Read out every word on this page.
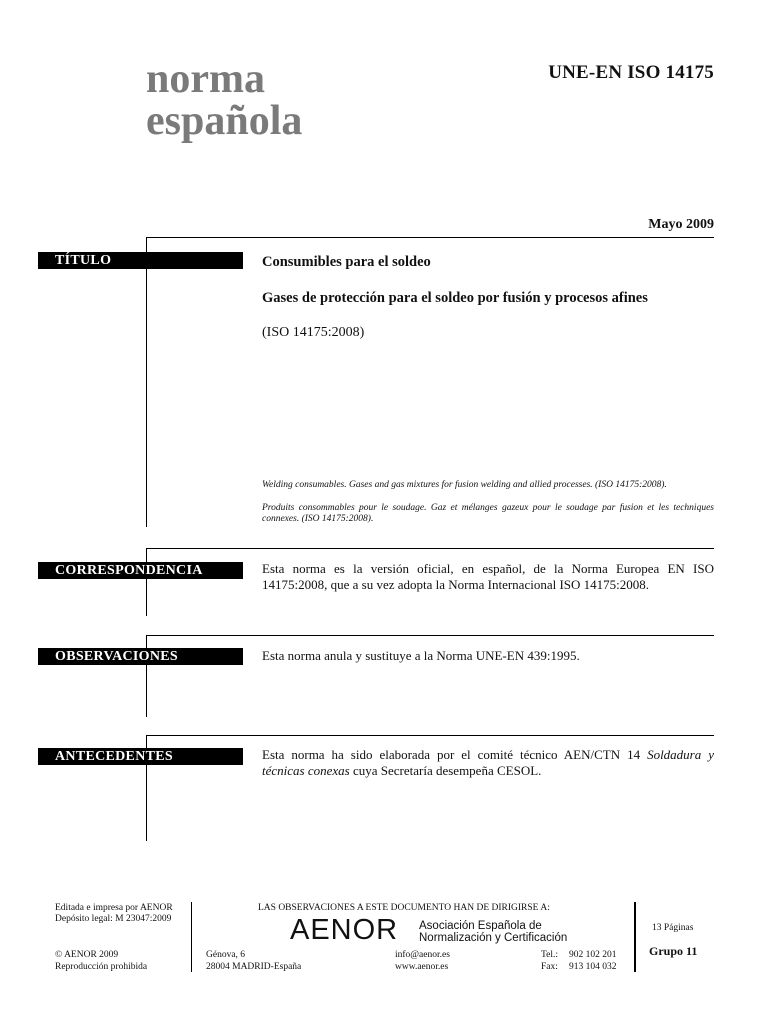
norma
española
UNE-EN ISO 14175
Mayo 2009
TÍTULO	Consumibles para el soldeo
Gases de protección para el soldeo por fusión y procesos afines
(ISO 14175:2008)
Welding consumables. Gases and gas mixtures for fusion welding and allied processes. (ISO 14175:2008).
Produits consommables pour le soudage. Gaz et mélanges gazeux pour le soudage par fusion et les techniques connexes. (ISO 14175:2008).
CORRESPONDENCIA	Esta norma es la versión oficial, en español, de la Norma Europea EN ISO 14175:2008, que a su vez adopta la Norma Internacional ISO 14175:2008.
OBSERVACIONES	Esta norma anula y sustituye a la Norma UNE-EN 439:1995.
ANTECEDENTES	Esta norma ha sido elaborada por el comité técnico AEN/CTN 14 Soldadura y técnicas conexas cuya Secretaría desempeña CESOL.
Editada e impresa por AENOR
Depósito legal: M 23047:2009
© AENOR 2009
Reproducción prohibida
LAS OBSERVACIONES A ESTE DOCUMENTO HAN DE DIRIGIRSE A:
AENOR Asociación Española de
Normalización y Certificación
Génova, 6
28004 MADRID-España
info@aenor.es
www.aenor.es
Tel.: 902 102 201
Fax: 913 104 032
13 Páginas
Grupo 11
